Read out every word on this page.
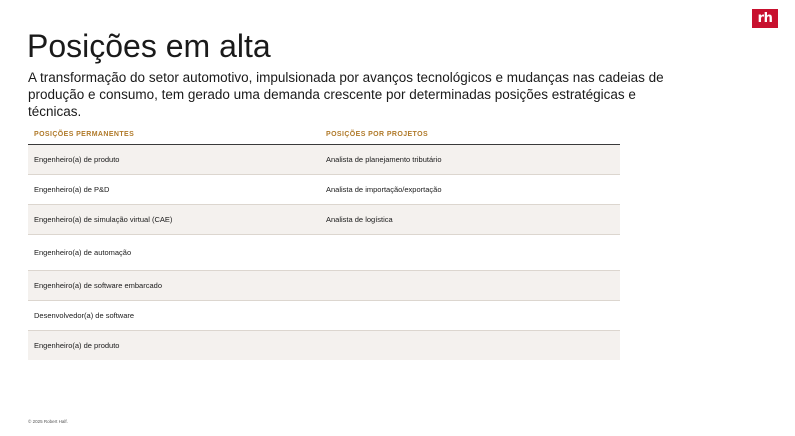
rh
Posições em alta

A transformação do setor automotivo, impulsionada por avanços tecnológicos e mudanças nas cadeias de produção e consumo, tem gerado uma demanda crescente por determinadas posições estratégicas e técnicas.

POSIÇÕES PERMANENTES	POSIÇÕES POR PROJETOS
Engenheiro(a) de produto	Analista de planejamento tributário
Engenheiro(a) de P&D	Analista de importação/exportação
Engenheiro(a) de simulação virtual (CAE)	Analista de logística
Engenheiro(a) de automação
Engenheiro(a) de software embarcado
Desenvolvedor(a) de software
Engenheiro(a) de produto
© 2025 Robert Half.
